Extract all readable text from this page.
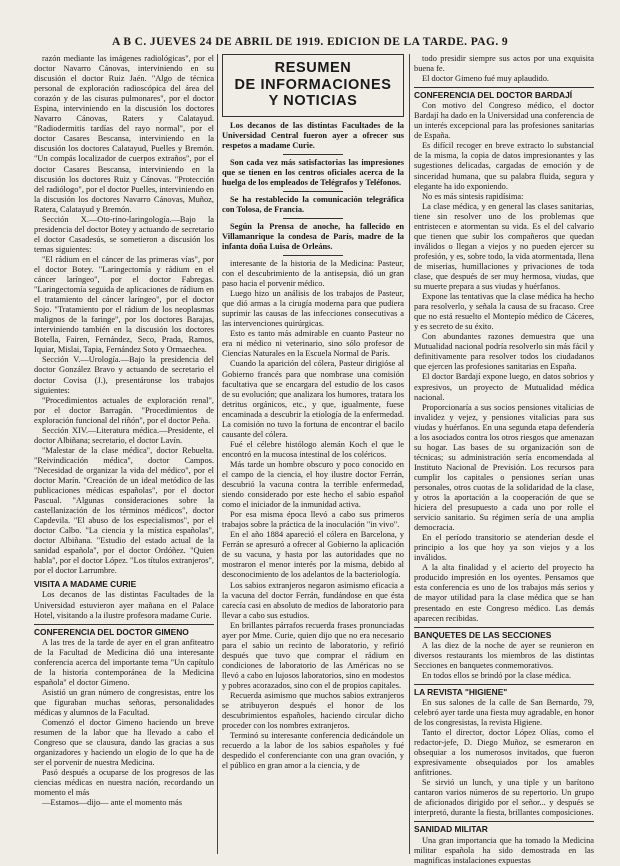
A B C. JUEVES 24 DE ABRIL DE 1919. EDICION DE LA TARDE. PAG. 9

razón mediante las imágenes radiológicas", por el doctor Navarro Cánovas, interviniendo en su discusión el doctor Ruiz Jaén. "Algo de técnica personal de exploración radioscópica del área del corazón y de las cisuras pulmonares", por el doctor Espina, interviniendo en la discusión los doctores Navarro Cánovas, Raters y Calatayud. "Radiodermitis tardías del rayo normal", por el doctor Casares Bescansa, interviniendo en la discusión los doctores Calatayud, Puelles y Bremón. "Un compás localizador de cuerpos extraños", por el doctor Casares Bescansa, interviniendo en la discusión los doctores Ruiz y Cánovas. "Protección del radiólogo", por el doctor Puelles, interviniendo en la discusión los doctores Navarro Cánovas, Muñoz, Ratera, Calatayud y Bremón.

Sección X.—Oto-rino-laringología.—Bajo la presidencia del doctor Botey y actuando de secretario el doctor Casadesús, se sometieron a discusión los temas siguientes:

"El rádium en el cáncer de las primeras vías", por el doctor Botey. "Laringectomía y rádium en el cáncer laríngeo", por el doctor Fabregas. "Laringectomía seguida de aplicaciones de rádium en el tratamiento del cáncer laríngeo", por el doctor Sojo. "Tratamiento por el rádium de los neoplasmas malignos de la faringe", por los doctores Barajas, interviniendo también en la discusión los doctores Botella, Fairen, Fernández, Seco, Prada, Ramos, Iquiar, Mislai, Tapia, Fernández Soto y Ormaechea.

Sección V.—Urología.—Bajo la presidencia del doctor González Bravo y actuando de secretario el doctor Covisa (J.), presentáronse los trabajos siguientes:

"Procedimientos actuales de exploración renal", por el doctor Barragán. "Procedimientos de exploración funcional del riñón", por el doctor Peña.

Sección XIV.—Literatura médica.—Presidente, el doctor Albiñana; secretario, el doctor Lavín.

"Malestar de la clase médica", doctor Rebuelta. "Reivindicación médica", doctor Campos. "Necesidad de organizar la vida del médico", por el doctor Marín. "Creación de un ideal metódico de las publicaciones médicas españolas", por el doctor Pascual. "Algunas consideraciones sobre la castellanización de los términos médicos", doctor Capdevila. "El abuso de los especialismos", por el doctor Calbo. "La ciencia y la mística españolas", doctor Albiñana. "Estudio del estado actual de la sanidad española", por el doctor Ordóñez. "Quien habla", por el doctor López. "Los títulos extranjeros", por el doctor Larrumbre.

VISITA A MADAME CURIE

Los decanos de las distintas Facultades de la Universidad estuvieron ayer mañana en el Palace Hotel, visitando a la ilustre profesora madame Curie.

CONFERENCIA DEL DOCTOR GIMENO

A las tres de la tarde de ayer en el gran anfiteatro de la Facultad de Medicina dió una interesante conferencia acerca del importante tema "Un capítulo de la historia contemporánea de la Medicina española" el doctor Gimeno.

Asistió un gran número de congresistas, entre los que figuraban muchas señoras, personalidades médicas y alumnos de la Facultad.

Comenzó el doctor Gimeno haciendo un breve resumen de la labor que ha llevado a cabo el Congreso que se clausura, dando las gracias a sus organizadores y haciendo un elogio de lo que ha de ser el porvenir de nuestra Medicina.

Pasó después a ocuparse de los progresos de las ciencias médicas en nuestra nación, recordando un momento el más

—Estamos—dijo— ante el momento más

RESUMEN
DE INFORMACIONES
Y NOTICIAS

Los decanos de las distintas Facultades de la Universidad Central fueron ayer a ofrecer sus respetos a madame Curie.

Son cada vez más satisfactorias las impresiones que se tienen en los centros oficiales acerca de la huelga de los empleados de Telégrafos y Teléfonos.

Se ha restablecido la comunicación telegráfica con Tolosa, de Francia.

Según la Prensa de anoche, ha fallecido en Villamanrique la condesa de París, madre de la infanta doña Luisa de Orleáns.

interesante de la historia de la Medicina: Pasteur, con el descubrimiento de la antisepsia, dió un gran paso hacia el porvenir médico.

Luego hizo un análisis de los trabajos de Pasteur, que dió armas a la cirugía moderna para que pudiera suprimir las causas de las infecciones consecutivas a las intervenciones quirúrgicas.

Esto es tanto más admirable en cuanto Pasteur no era ni médico ni veterinario, sino sólo profesor de Ciencias Naturales en la Escuela Normal de París.

Cuando la aparición del cólera, Pasteur dirigióse al Gobierno francés para que nombrase una comisión facultativa que se encargara del estudio de los casos de su evolución; que analizara los humores, tratara los detritus orgánicos, etc., y que, igualmente, fuese encaminada a descubrir la etiología de la enfermedad. La comisión no tuvo la fortuna de encontrar el bacilo causante del cólera.

Fué el célebre histólogo alemán Koch el que le encontró en la mucosa intestinal de los coléricos.

Más tarde un hombre obscuro y poco conocido en el campo de la ciencia, el hoy ilustre doctor Ferrán, descubrió la vacuna contra la terrible enfermedad, siendo considerado por este hecho el sabio español como el iniciador de la inmunidad activa.

Por esa misma época llevó a cabo sus primeros trabajos sobre la práctica de la inoculación "in vivo".

En el año 1884 apareció el cólera en Barcelona, y Ferrán se apresuró a ofrecer al Gobierno la aplicación de su vacuna, y hasta por las autoridades que no mostraron el menor interés por la misma, debido al desconocimiento de los adelantos de la bacteriología.

Los sabios extranjeros negaron asimismo eficacia a la vacuna del doctor Ferrán, fundándose en que ésta carecía casi en absoluto de medios de laboratorio para llevar a cabo sus estudios.

En brillantes párrafos recuerda frases pronunciadas ayer por Mme. Curie, quien dijo que no era necesario para el sabio un recinto de laboratorio, y refirió después que tuvo que comprar el rádium en condiciones de laboratorio de las Américas no se llevó a cabo en lujosos laboratorios, sino en modestos y pobres acorazados, sino con el de propios capitales.

Recuerda asimismo que muchos sabios extranjeros se atribuyeron después el honor de los descubrimientos españoles, haciendo circular dicho proceder con los nombres extranjeros.

Terminó su interesante conferencia dedicándole un recuerdo a la labor de los sabios españoles y fué despedido el conferenciante con una gran ovación, y el público en gran amor a la ciencia, y de

todo presidir siempre sus actos por una exquisita buena fe.

El doctor Gimeno fué muy aplaudido.

CONFERENCIA DEL DOCTOR BARDAJÍ

Con motivo del Congreso médico, el doctor Bardají ha dado en la Universidad una conferencia de un interés excepcional para las profesiones sanitarias de España.

Es difícil recoger en breve extracto lo substancial de la misma, la copia de datos impresionantes y las sugestiones delicadas, cargadas de emoción y de sinceridad humana, que su palabra fluida, segura y elegante ha ido exponiendo.

No es más sintesis rapidísima:

La clase médica, y en general las clases sanitarias, tiene sin resolver uno de los problemas que entristecen e atormentan su vida. Es el del calvario que tienen que subir los compañeros que quedan inválidos o llegan a viejos y no pueden ejercer su profesión, y es, sobre todo, la vida atormentada, llena de miserias, humillaciones y privaciones de toda clase, que después de ser muy hermosa, viudas, que su muerte prepara a sus viudas y huérfanos.

Expone las tentativas que la clase médica ha hecho para resolverlo, y señala la causa de su fracaso. Cree que no está resuelto el Montepío médico de Cáceres, y es secreto de su éxito.

Con abundantes razones demuestra que una Mutualidad nacional podría resolverlo sin más fácil y definitivamente para resolver todos los ciudadanos que ejercen las profesiones sanitarias en España.

El doctor Bardají expone luego, en datos sobrios y expresivos, un proyecto de Mutualidad médica nacional.

Proporcionaría a sus socios pensiones vitalicias de invalidez y vejez, y pensiones vitalicias para sus viudas y huérfanos. En una segunda etapa defendería a los asociados contra los otros riesgos que amenazan su hogar. Las bases de su organización son de técnicas; su administración sería encomendada al Instituto Nacional de Previsión. Los recursos para cumplir los capitales o pensiones serían unas personales, otros cuotas de la solidaridad de la clase, y otros la aportación a la cooperación de que se hiciera del presupuesto a cada uno por rolle el servicio sanitario. Su régimen sería de una amplia democracia.

En el período transitorio se atenderían desde el principio a los que hoy ya son viejos y a los inválidos.

A la alta finalidad y el acierto del proyecto ha producido impresión en los oyentes. Pensamos que esta conferencia es uno de los trabajos más serios y de mayor utilidad para la clase médica que se han presentado en este Congreso médico. Las demás aparecen recibidas.

BANQUETES DE LAS SECCIONES

A las diez de la noche de ayer se reunieron en diversos restaurants los miembros de las distintas Secciones en banquetes conmemorativos.

En todos ellos se brindó por la clase médica.

LA REVISTA "HIGIENE"

En sus salones de la calle de San Bernardo, 79, celebró ayer tarde una fiesta muy agradable, en honor de los congresistas, la revista Higiene.

Tanto el director, doctor López Olías, como el redactor-jefe, D. Diego Muñoz, se esmeraron en obsequiar a los numerosos invitados, que fueron expresivamente obsequiados por los amables anfitriones.

Se sirvió un lunch, y una tiple y un barítono cantaron varios números de su repertorio. Un grupo de aficionados dirigido por el señor... y después se interpretó, durante la fiesta, brillantes composiciones.

SANIDAD MILITAR

Una gran importancia que ha tomado la Medicina militar española ha sido demostrada en las magnificas instalaciones expuestas
